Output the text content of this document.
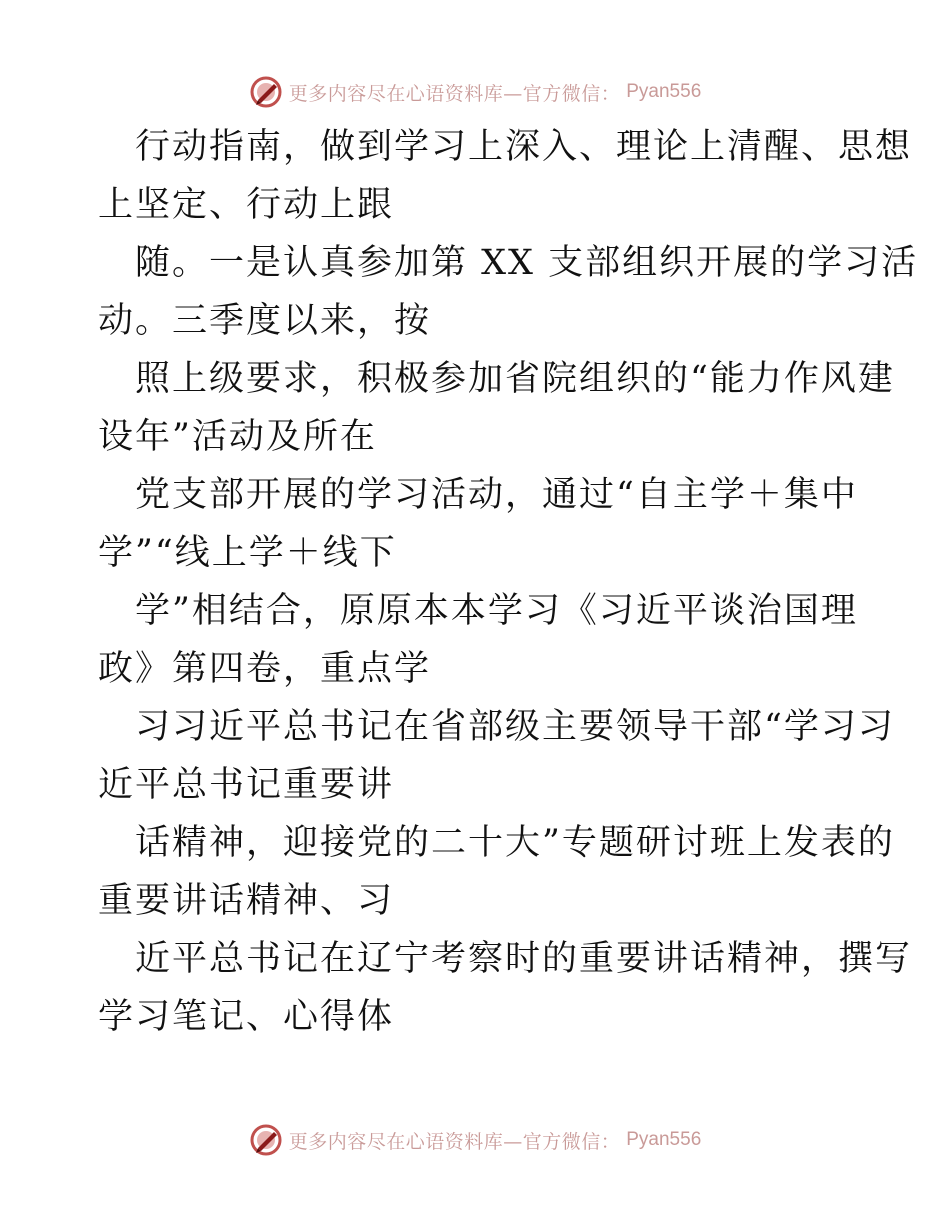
更多内容尽在心语资料库—官方微信： Pyan556
行动指南，做到学习上深入、理论上清醒、思想
上坚定、行动上跟
随。一是认真参加第 XX 支部组织开展的学习活
动。三季度以来，按
照上级要求，积极参加省院组织的“能力作风建
设年”活动及所在
党支部开展的学习活动，通过“自主学＋集中
学”“线上学＋线下
学”相结合，原原本本学习《习近平谈治国理
政》第四卷，重点学
习习近平总书记在省部级主要领导干部“学习习
近平总书记重要讲
话精神，迎接党的二十大”专题研讨班上发表的
重要讲话精神、习
近平总书记在辽宁考察时的重要讲话精神，撰写
学习笔记、心得体
更多内容尽在心语资料库—官方微信： Pyan556
